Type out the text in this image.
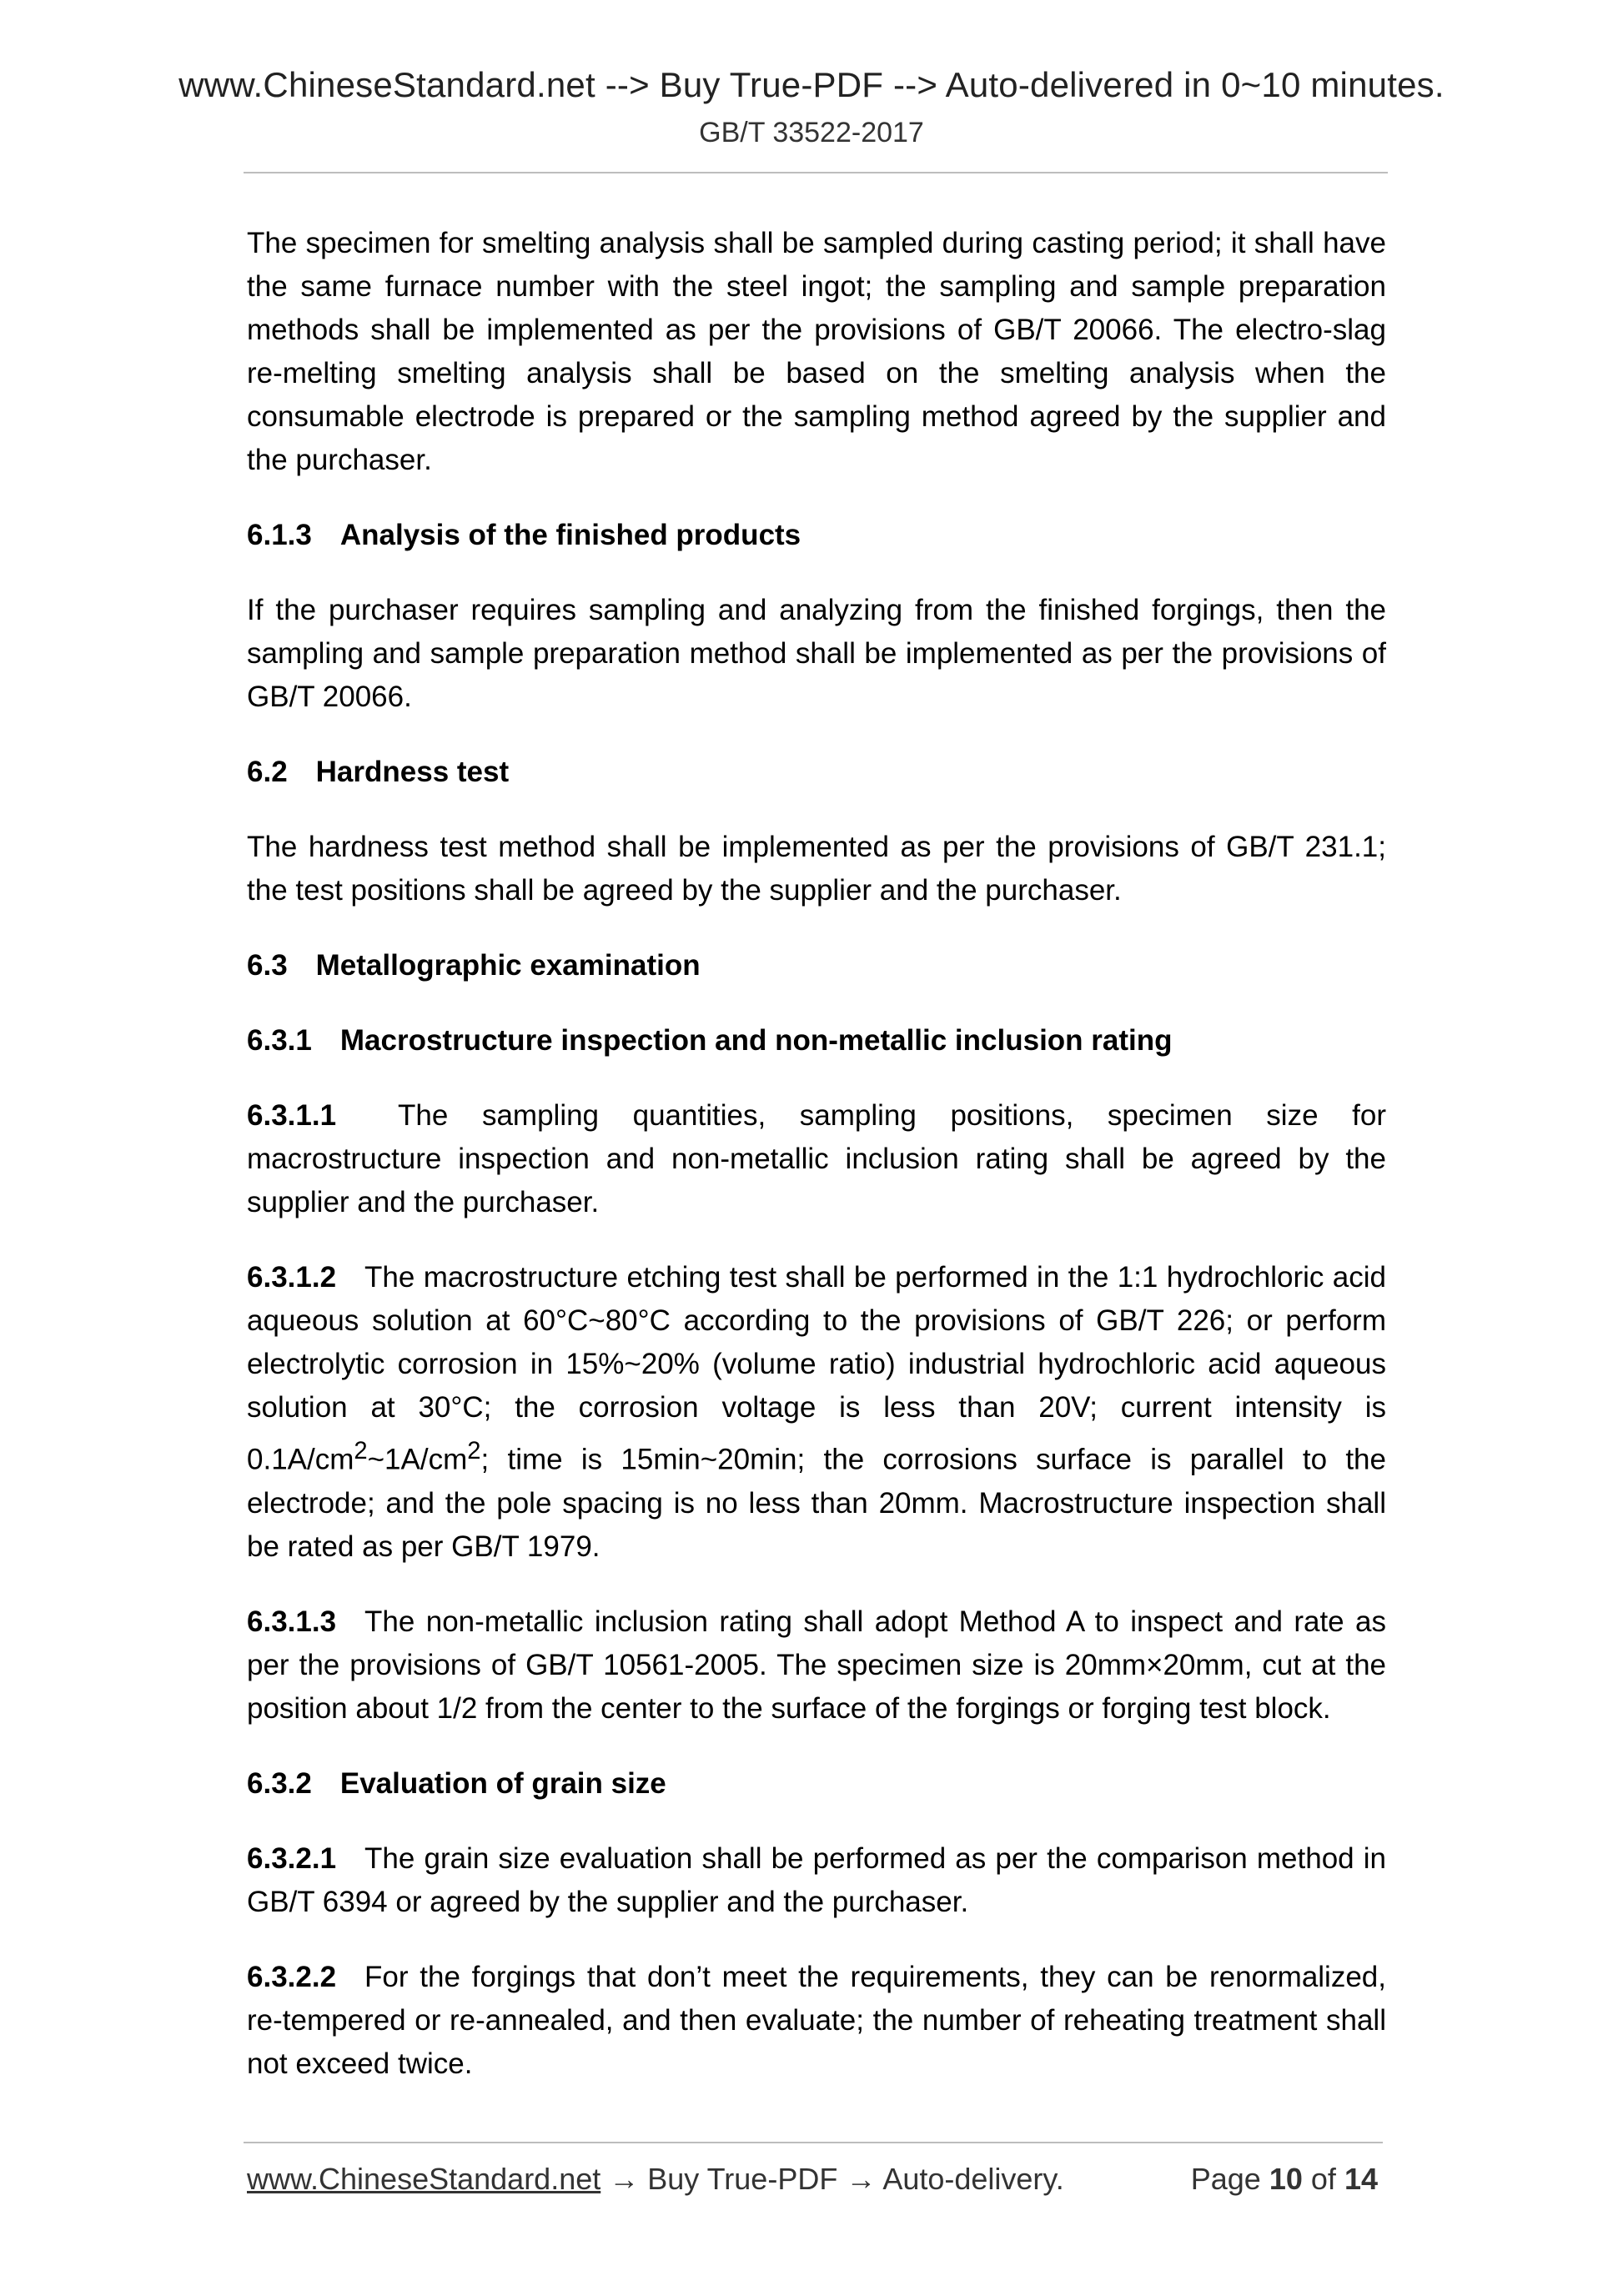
www.ChineseStandard.net --> Buy True-PDF --> Auto-delivered in 0~10 minutes.
GB/T 33522-2017

The specimen for smelting analysis shall be sampled during casting period; it shall have the same furnace number with the steel ingot; the sampling and sample preparation methods shall be implemented as per the provisions of GB/T 20066. The electro-slag re-melting smelting analysis shall be based on the smelting analysis when the consumable electrode is prepared or the sampling method agreed by the supplier and the purchaser.

6.1.3 Analysis of the finished products

If the purchaser requires sampling and analyzing from the finished forgings, then the sampling and sample preparation method shall be implemented as per the provisions of GB/T 20066.

6.2 Hardness test

The hardness test method shall be implemented as per the provisions of GB/T 231.1; the test positions shall be agreed by the supplier and the purchaser.

6.3 Metallographic examination
6.3.1 Macrostructure inspection and non-metallic inclusion rating

6.3.1.1 The sampling quantities, sampling positions, specimen size for macrostructure inspection and non-metallic inclusion rating shall be agreed by the supplier and the purchaser.

6.3.1.2 The macrostructure etching test shall be performed in the 1:1 hydrochloric acid aqueous solution at 60°C~80°C according to the provisions of GB/T 226; or perform electrolytic corrosion in 15%~20% (volume ratio) industrial hydrochloric acid aqueous solution at 30°C; the corrosion voltage is less than 20V; current intensity is $0.1A/cm^2\sim 1A/cm^2$; time is 15min~20min; the corrosions surface is parallel to the electrode; and the pole spacing is no less than 20mm. Macrostructure inspection shall be rated as per GB/T 1979.

6.3.1.3 The non-metallic inclusion rating shall adopt Method A to inspect and rate as per the provisions of GB/T 10561-2005. The specimen size is 20mm×20mm, cut at the position about 1/2 from the center to the surface of the forgings or forging test block.

6.3.2 Evaluation of grain size

6.3.2.1 The grain size evaluation shall be performed as per the comparison method in GB/T 6394 or agreed by the supplier and the purchaser.

6.3.2.2 For the forgings that don’t meet the requirements, they can be renormalized, re-tempered or re-annealed, and then evaluate; the number of reheating treatment shall not exceed twice.

www.ChineseStandard.net → Buy True-PDF → Auto-delivery.	Page 10 of 14
